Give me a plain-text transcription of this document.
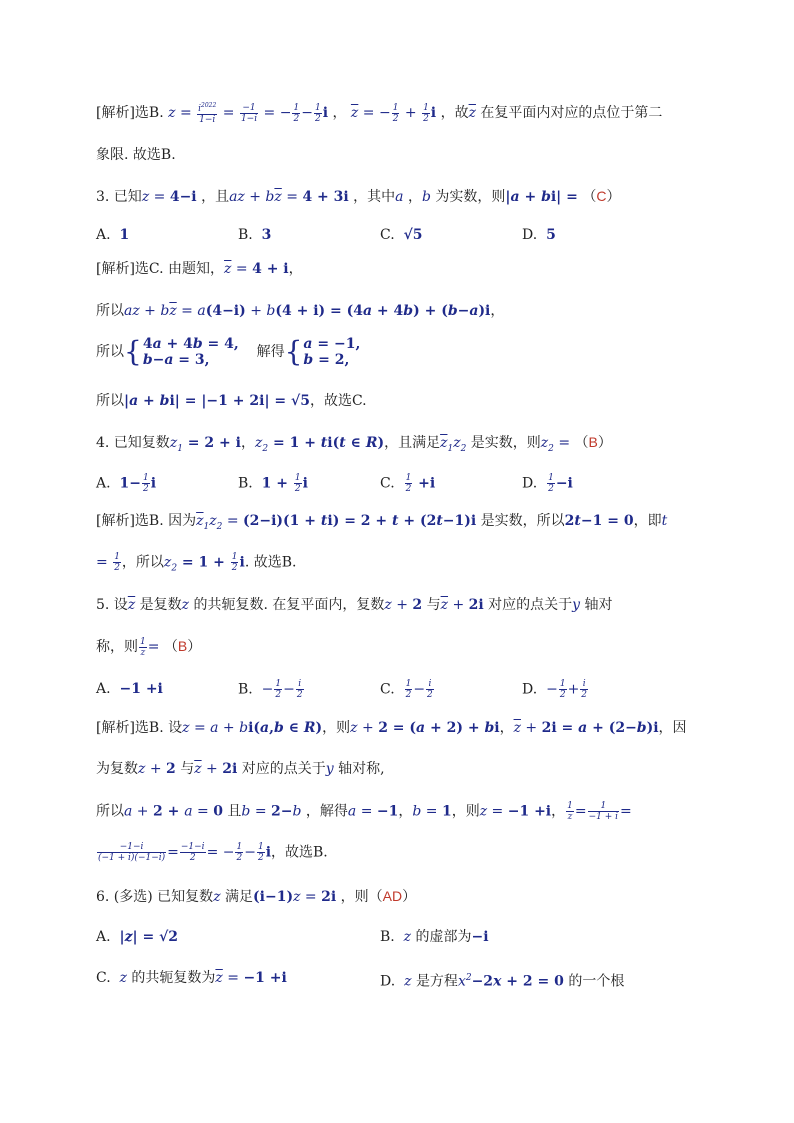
[解析]选B. $z = \frac{i^{2022}}{1-i} = \frac{-1}{1-i}$ = − $\frac{1}{2} - \frac{1}{2}$ i ， $\overline{z}$ = − $\frac{1}{2} + \frac{1}{2}$ i ，故$\overline{z}$ 在复平面内对应的点位于第二
象限. 故选B.
3. 已知z = 4−i ，且az + $b\overline{z} = 4 + 3i$ ，其中a ，b 为实数，则|a + bi| = （C）
A. 1	B. 3	C. √5	D. 5
[解析]选C. 由题知，$\overline{z} = 4 + i$，
所以az + $b\overline{z} = a(4-i) + b(4 + i) = (4a + 4b) + (b-a)i$，
所以{ 4a + 4b = 4,
b−a = 3,	解得{ a = −1,
b = 2,
所以|a + bi| = |−1 + 2i| = √5，故选C.
4. 已知复数$z_1 = 2 + i$，$z_2 = 1 + ti(t$ ∈ R)，且满足$\overline{z}_1z_2$ 是实数，则$z_2 = (B)$
A. $1- \frac{1}{2}$ i	B. $1 + \frac{1}{2}$ i	C. $\frac{1}{2} +i$	D. $\frac{1}{2} -i$
[解析]选B. 因为$\overline{z}_1z_2 = (2-i)(1 + ti) = 2 + t + (2t-1)i$ 是实数，所以2t−1 = 0，即t
= $\frac{1}{2}$ ，所以$z_2 = 1 + \frac{1}{2} i$. 故选B.
5. 设$\overline{z}$ 是复数z 的共轭复数. 在复平面内，复数z + 2 与$\overline{z} + 2i$ 对应的点关于y 轴对
称，则 $\frac{1}{z} = (B)$
A. −1 +i	B. − $\frac{1}{2} - \frac{i}{2}$	C. $\frac{1}{2} - \frac{i}{2}$	D. − $\frac{1}{2} + \frac{i}{2}$
[解析]选B. 设z = a + bi(a,b ∈ R)，则z + 2 = (a + 2) + bi，$\overline{z} + 2i = a + (2-b)i$，因
为复数z + 2 与$\overline{z} + 2i$ 对应的点关于y 轴对称,
所以a + 2 + a = 0 且b = 2−b ，解得a = −1，b = 1，则z = −1 +i， $\frac{1}{z} = \frac{1}{-1 + i}$ =
$\frac{-1-i}{(-1 + i)(-1-i)} = \frac{-1-i}{2}$ = − $\frac{1}{2} - \frac{1}{2}$ i，故选B.
6. (多选) 已知复数z 满足(i−1)z = 2i ，则（AD）
A. |z| = √2	B. z 的虚部为−i
C. z 的共轭复数为$\overline{z} = -1 +i$	D. z 是方程$x^2-2x + 2 = 0$ 的一个根
